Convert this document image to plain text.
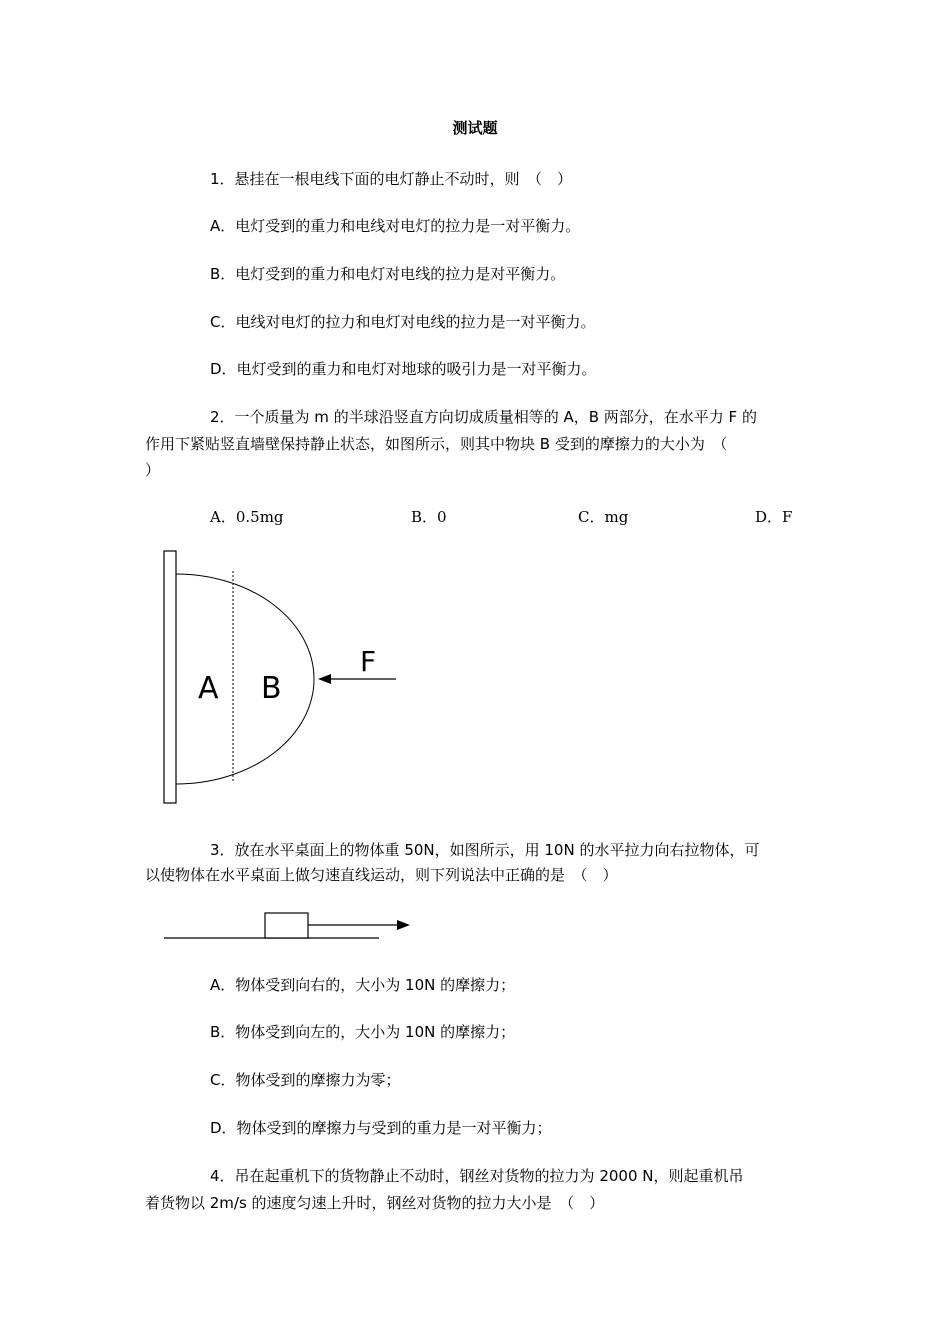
测试题
1．悬挂在一根电线下面的电灯静止不动时，则　（　）
A．电灯受到的重力和电线对电灯的拉力是一对平衡力。
B．电灯受到的重力和电灯对电线的拉力是对平衡力。
C．电线对电灯的拉力和电灯对电线的拉力是一对平衡力。
D．电灯受到的重力和电灯对地球的吸引力是一对平衡力。
2．一个质量为 m 的半球沿竖直方向切成质量相等的 A，B 两部分，在水平力 F 的
作用下紧贴竖直墙壁保持静止状态，如图所示，则其中物块 B 受到的摩擦力的大小为　（
）
A．0.5mg	B．0	C．mg	D．F
A B
F
3．放在水平桌面上的物体重 50N，如图所示，用 10N 的水平拉力向右拉物体，可
以使物体在水平桌面上做匀速直线运动，则下列说法中正确的是　（　）
A．物体受到向右的，大小为 10N 的摩擦力；
B．物体受到向左的，大小为 10N 的摩擦力；
C．物体受到的摩擦力为零；
D．物体受到的摩擦力与受到的重力是一对平衡力；
4．吊在起重机下的货物静止不动时，钢丝对货物的拉力为 2000 N，则起重机吊
着货物以 2m/s 的速度匀速上升时，钢丝对货物的拉力大小是　（　）
